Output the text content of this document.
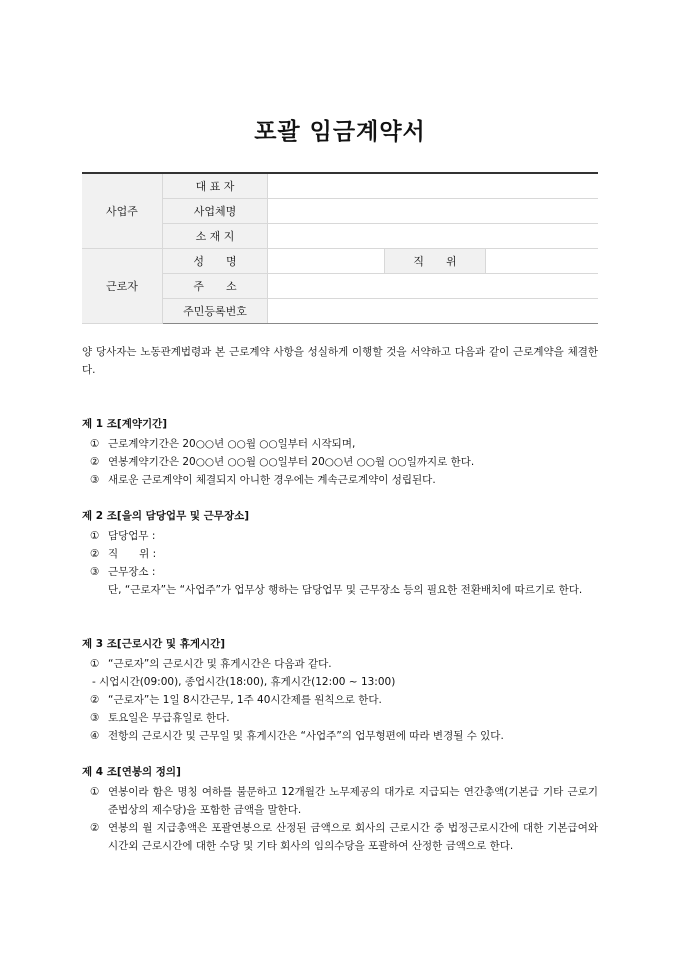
포괄 임금계약서
사업주	대 표 자			
	사업체명			
	소 재 지			
근로자	성　　명		직　　위	
	주　　소			
	주민등록번호			
양 당사자는 노동관계법령과 본 근로계약 사항을 성실하게 이행할 것을 서약하고 다음과 같이 근로계약을 체결한다.
제 1 조[계약기간]
① 근로계약기간은 20○○년 ○○월 ○○일부터 시작되며,
② 연봉계약기간은 20○○년 ○○월 ○○일부터 20○○년 ○○월 ○○일까지로 한다.
③ 새로운 근로계약이 체결되지 아니한 경우에는 계속근로계약이 성립된다.
제 2 조[을의 담당업무 및 근무장소]
① 담당업무 :
② 직　　위 :
③ 근무장소 :
단, “근로자”는 “사업주”가 업무상 행하는 담당업무 및 근무장소 등의 필요한 전환배치에 따르기로 한다.
제 3 조[근로시간 및 휴게시간]
① “근로자”의 근로시간 및 휴게시간은 다음과 같다.
- 시업시간(09:00), 종업시간(18:00), 휴게시간(12:00 ~ 13:00)
② “근로자”는 1일 8시간근무, 1주 40시간제를 원칙으로 한다.
③ 토요일은 무급휴일로 한다.
④ 전항의 근로시간 및 근무일 및 휴게시간은 “사업주”의 업무형편에 따라 변경될 수 있다.
제 4 조[연봉의 정의]
① 연봉이라 함은 명칭 여하를 불문하고 12개월간 노무제공의 대가로 지급되는 연간총액(기본급 기타 근로기준법상의 제수당)을 포함한 금액을 말한다.
② 연봉의 월 지급총액은 포괄연봉으로 산정된 금액으로 회사의 근로시간 중 법정근로시간에 대한 기본급여와 시간외 근로시간에 대한 수당 및 기타 회사의 임의수당을 포괄하여 산정한 금액으로 한다.
